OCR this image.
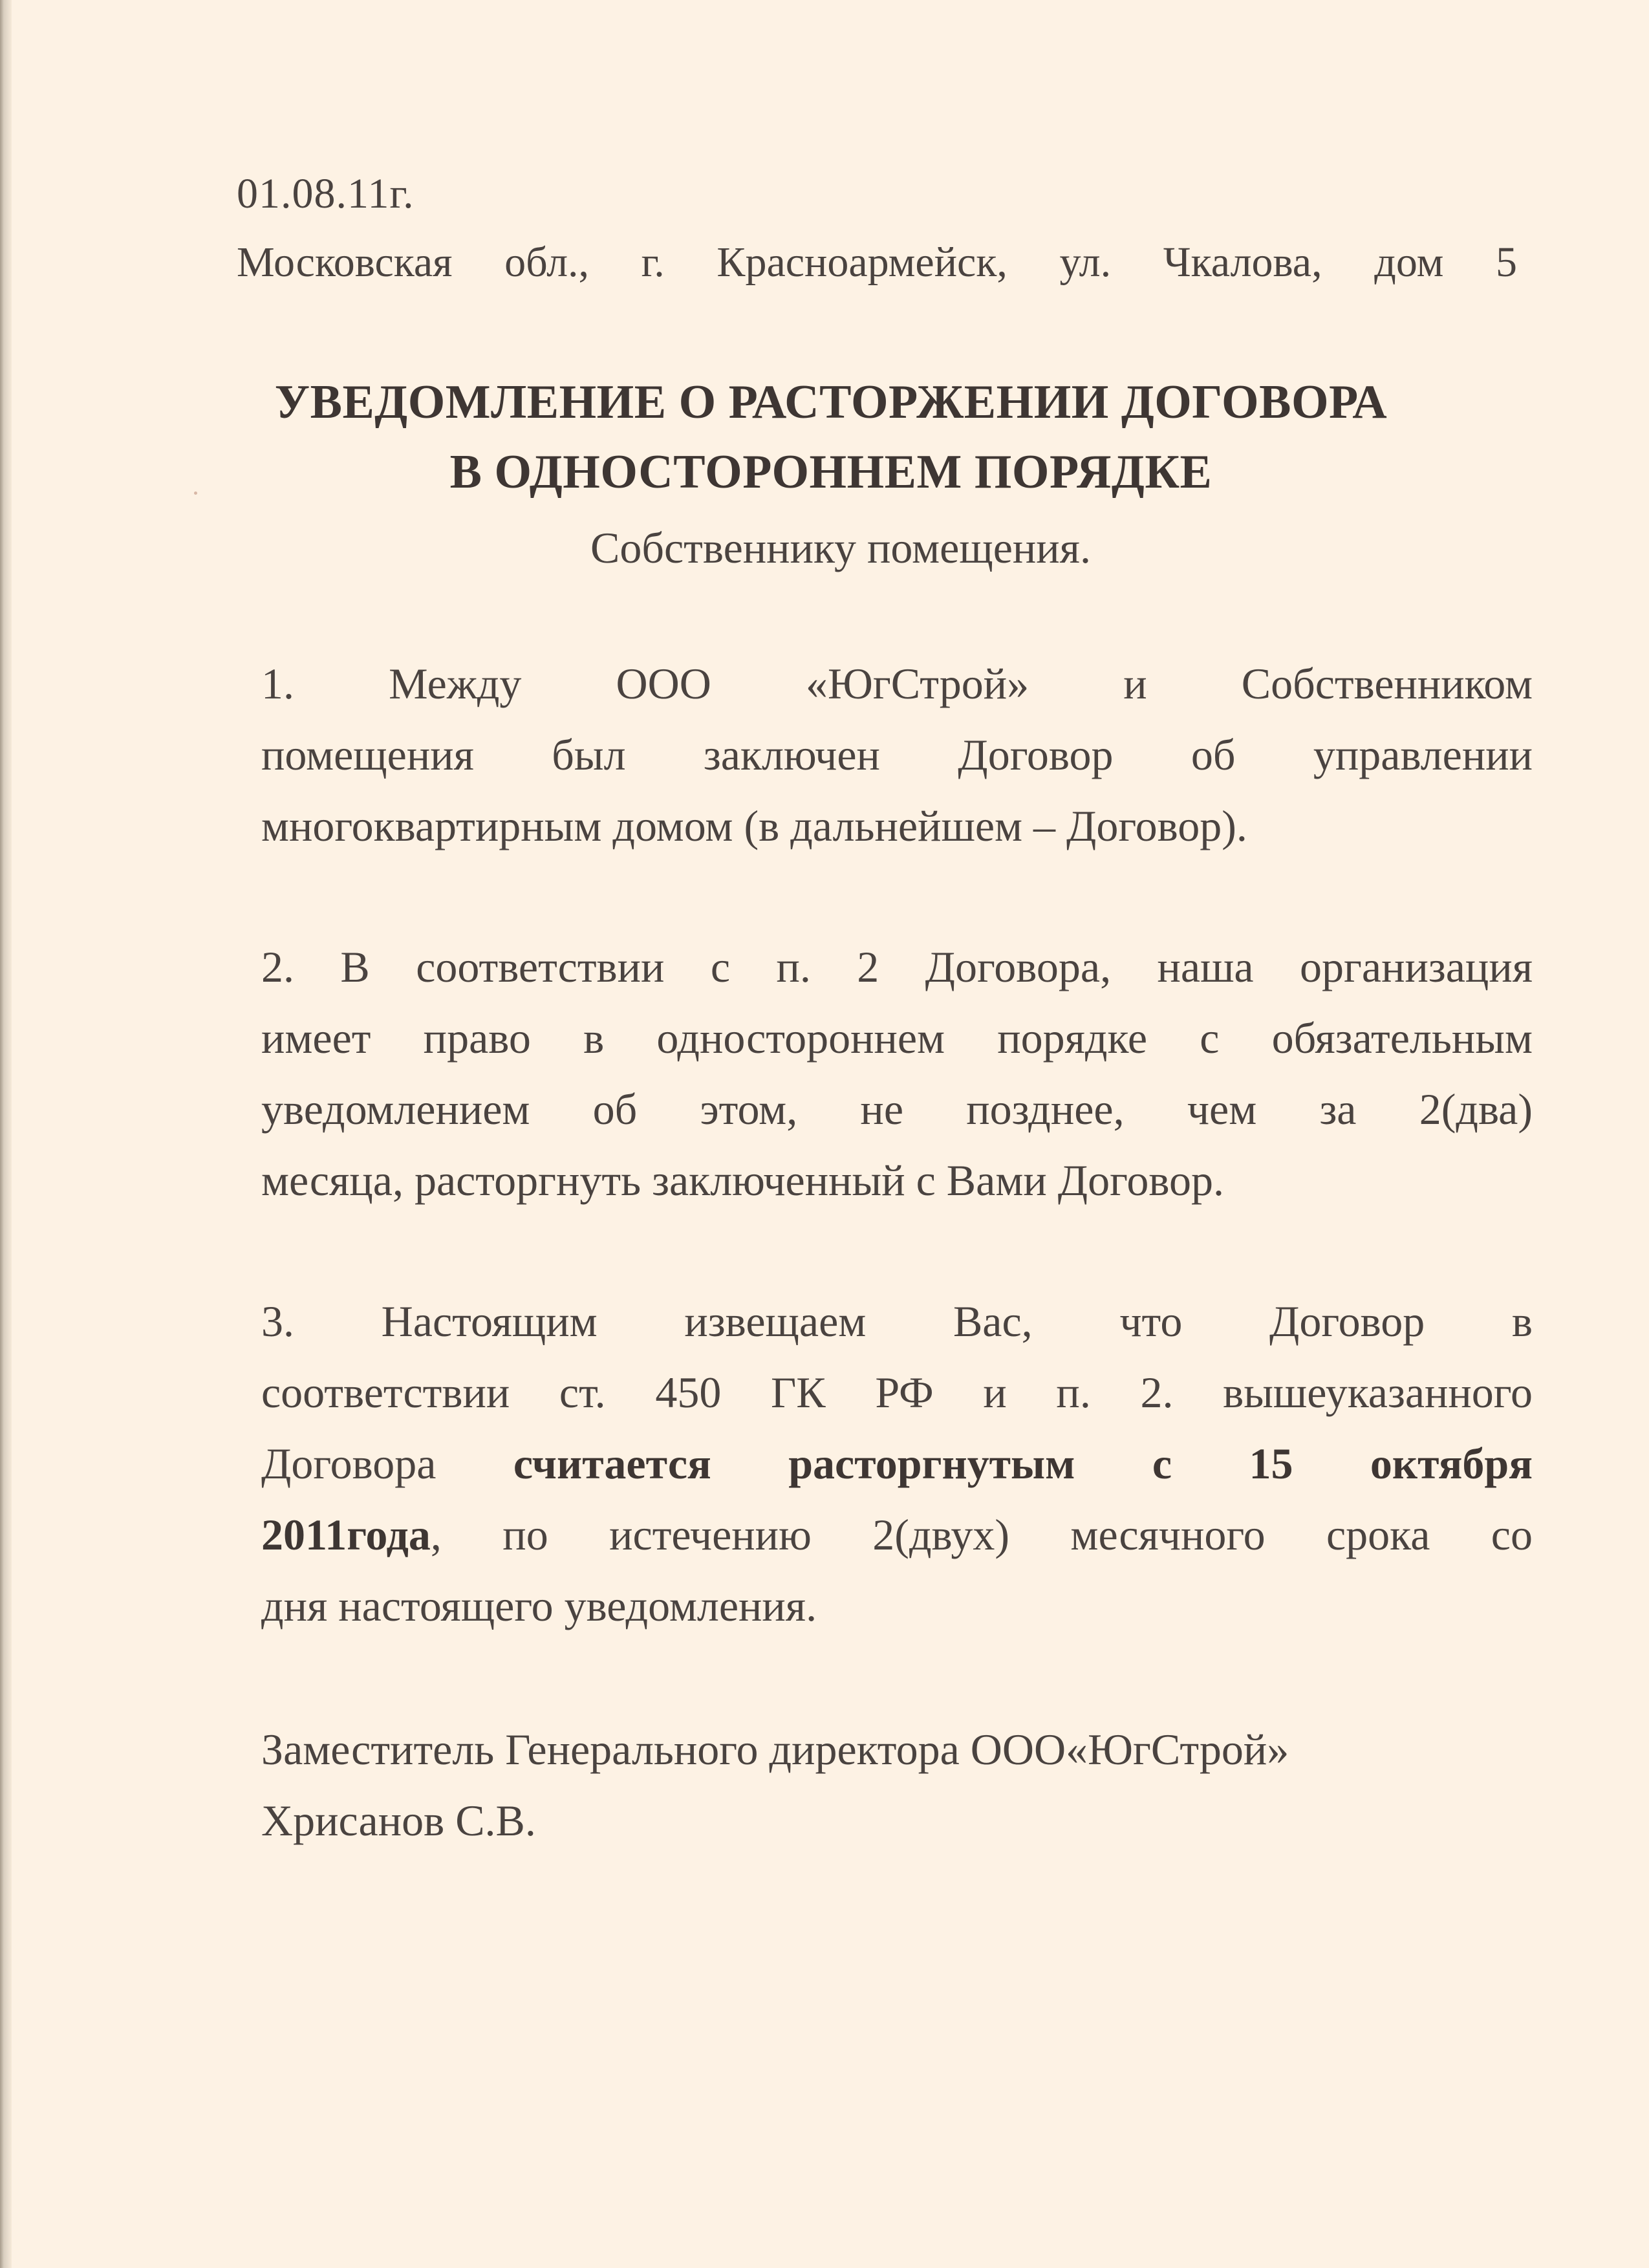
01.08.11г.
Московская обл., г. Красноармейск, ул. Чкалова, дом 5
УВЕДОМЛЕНИЕ О РАСТОРЖЕНИИ ДОГОВОРА
В ОДНОСТОРОННЕМ ПОРЯДКЕ
Собственнику помещения.
1. Между ООО «ЮгСтрой» и Собственником
помещения был заключен Договор об управлении
многоквартирным домом (в дальнейшем – Договор).
2. В соответствии с п. 2 Договора, наша организация
имеет право в одностороннем порядке с обязательным
уведомлением об этом, не позднее, чем за 2(два)
месяца, расторгнуть заключенный с Вами Договор.
3. Настоящим извещаем Вас, что Договор в
соответствии ст. 450 ГК РФ и п. 2. вышеуказанного
Договора считается расторгнутым с 15 октября
2011года, по истечению 2(двух) месячного срока со
дня настоящего уведомления.
Заместитель Генерального директора ООО«ЮгСтрой»
Хрисанов С.В.
